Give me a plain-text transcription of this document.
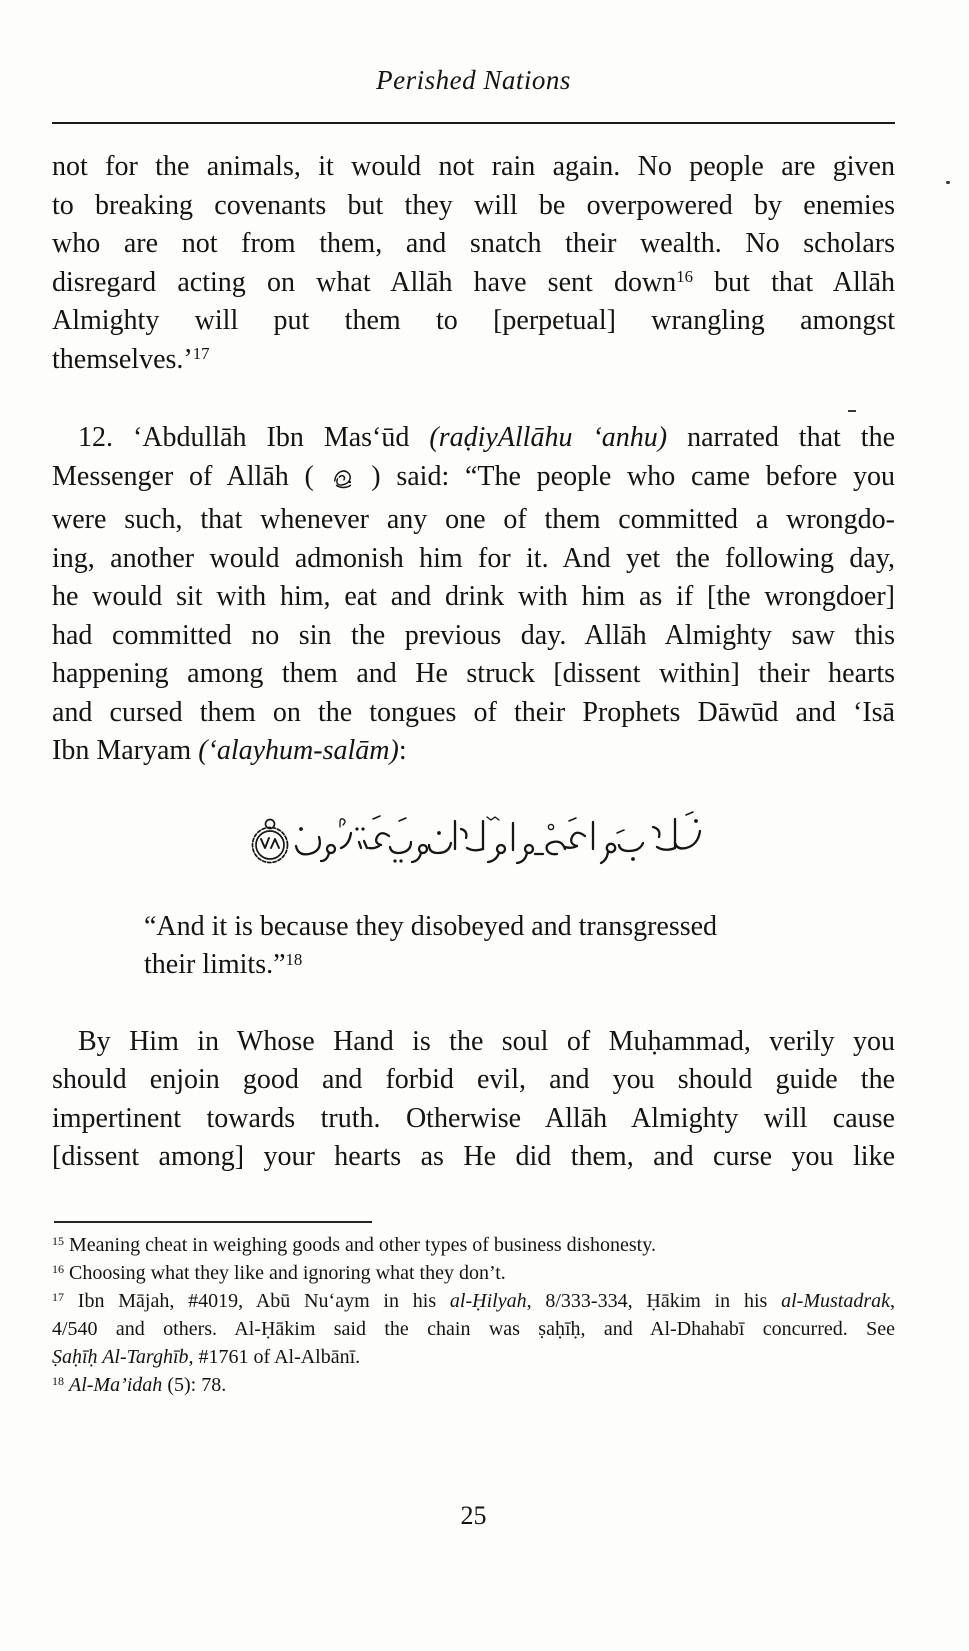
Perished Nations
not for the animals, it would not rain again. No people are given
to breaking covenants but they will be overpowered by enemies
who are not from them, and snatch their wealth. No scholars
disregard acting on what Allāh have sent down$^{16}$ but that Allāh
Almighty will put them to [perpetual] wrangling amongst
themselves.’$^{17}$
12. ‘Abdullāh Ibn Mas‘ūd (raḍiyAllāhu ‘anhu) narrated that the
Messenger of Allāh ( ) said: “The people who came before you
were such, that whenever any one of them committed a wrongdo-
ing, another would admonish him for it. And yet the following day,
he would sit with him, eat and drink with him as if [the wrongdoer]
had committed no sin the previous day. Allāh Almighty saw this
happening among them and He struck [dissent within] their hearts
and cursed them on the tongues of their Prophets Dāwūd and ‘Isā
Ibn Maryam (‘alayhum-salām):
“And it is because they disobeyed and transgressed
their limits.”$^{18}$
By Him in Whose Hand is the soul of Muḥammad, verily you
should enjoin good and forbid evil, and you should guide the
impertinent towards truth. Otherwise Allāh Almighty will cause
[dissent among] your hearts as He did them, and curse you like
$^{15}$ Meaning cheat in weighing goods and other types of business dishonesty.
$^{16}$ Choosing what they like and ignoring what they don’t.
$^{17}$ Ibn Mājah, #4019, Abū Nu‘aym in his al-Ḥilyah, 8/333-334, Ḥākim in his al-Mustadrak,
4/540 and others. Al-Ḥākim said the chain was ṣaḥīḥ, and Al-Dhahabī concurred. See
Ṣaḥīḥ Al-Targhīb, #1761 of Al-Albānī.
$^{18}$ Al-Ma’idah (5): 78.
25
